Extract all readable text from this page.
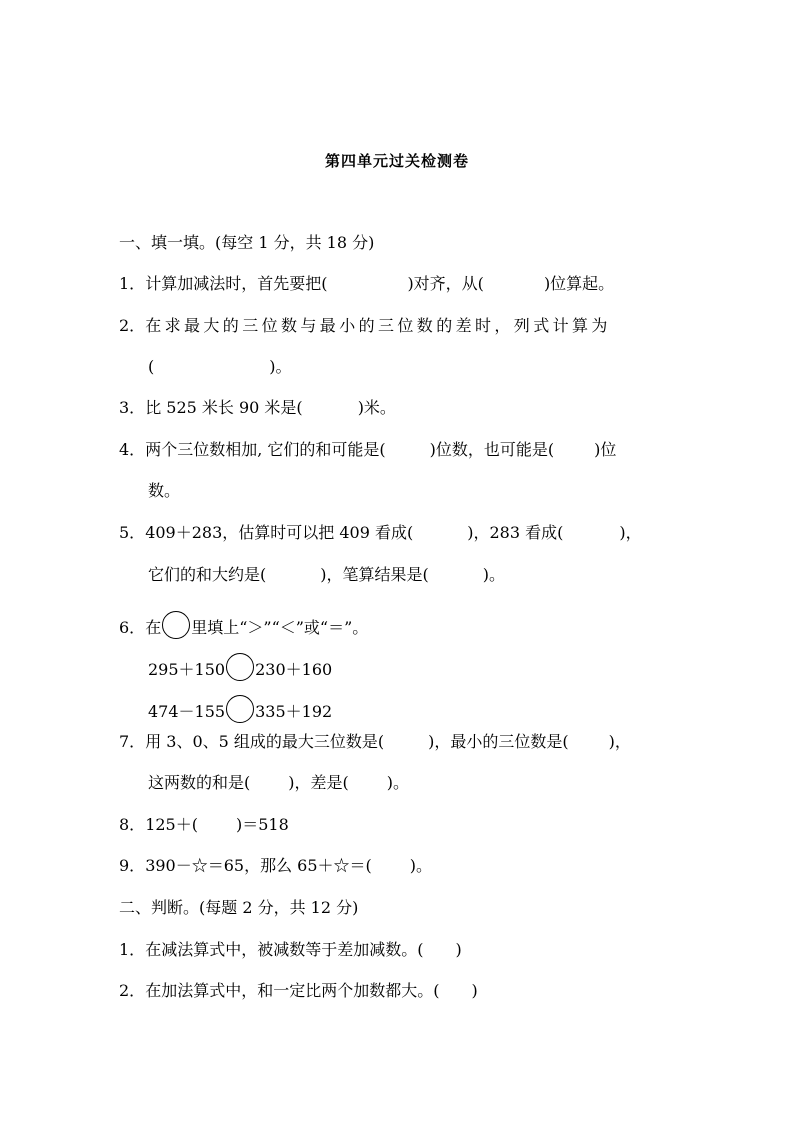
第四单元过关检测卷
一、填一填。(每空 1 分，共 18 分)
1．计算加减法时，首先要把(	)对齐，从(	)位算起。
2．在求最大的三位数与最小的三位数的差时，列式计算为
(	)。
3．比 525 米长 90 米是(	)米。
4．两个三位数相加, 它们的和可能是(	)位数，也可能是(	)位
数。
5．409＋283，估算时可以把 409 看成(	)，283 看成(	)，
它们的和大约是(	)，笔算结果是(	)。
6．在 里填上“＞”“＜”或“＝”。
295＋150 230＋160
474－155 335＋192
7．用 3、0、5 组成的最大三位数是(	)，最小的三位数是(	)，
这两数的和是( )，差是( )。
8．125＋( )＝518
9．390－☆＝65，那么 65＋☆＝( )。
二、判断。(每题 2 分，共 12 分)
1．在减法算式中，被减数等于差加减数。( )
2．在加法算式中，和一定比两个加数都大。( )
